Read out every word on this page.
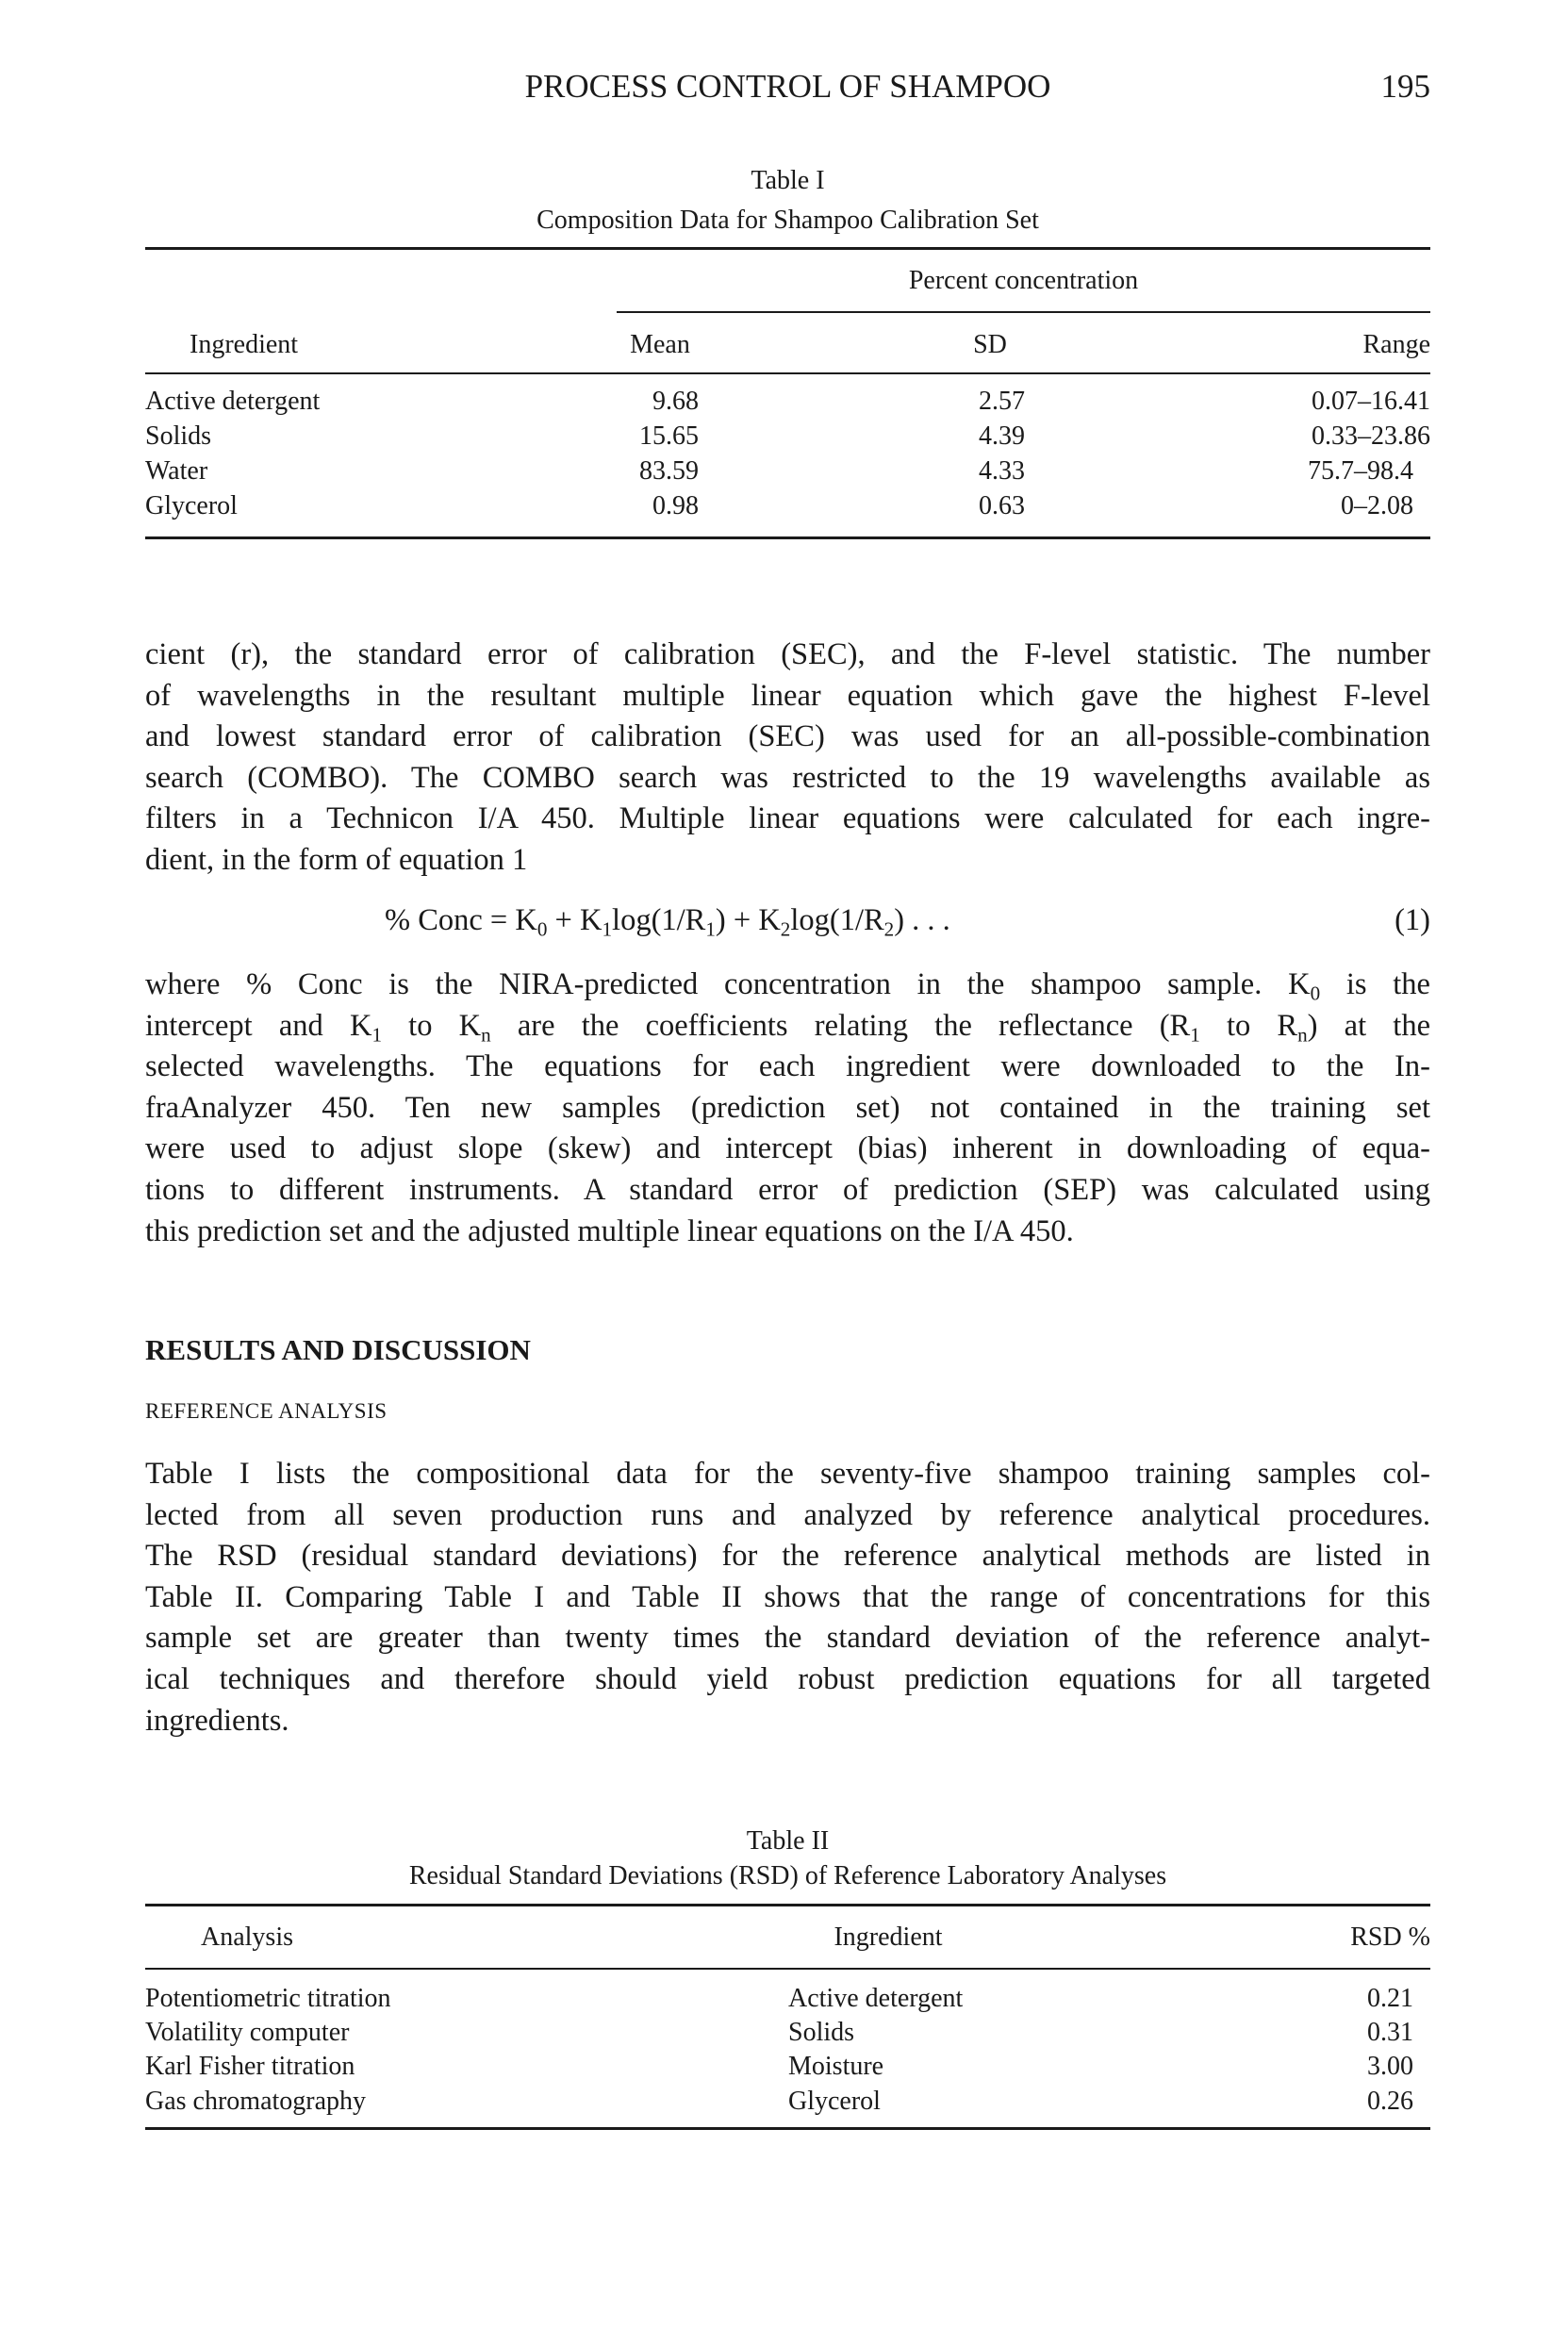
PROCESS CONTROL OF SHAMPOO	195
Table I
Composition Data for Shampoo Calibration Set
Percent concentration
Ingredient	Mean	SD	Range
Active detergent	9.68	2.57	0.07–16.41
Solids	15.65	4.39	0.33–23.86
Water	83.59	4.33	75.7–98.4
Glycerol	0.98	0.63	0–2.08
cient (r), the standard error of calibration (SEC), and the F-level statistic. The number
of wavelengths in the resultant multiple linear equation which gave the highest F-level
and lowest standard error of calibration (SEC) was used for an all-possible-combination
search (COMBO). The COMBO search was restricted to the 19 wavelengths available as
filters in a Technicon I/A 450. Multiple linear equations were calculated for each ingre-
dient, in the form of equation 1
% Conc = $K_0 + K_1\log(1/R_1) + K_2\log(1/R_2)$ . . .	(1)
where % Conc is the NIRA-predicted concentration in the shampoo sample. $K_0$ is the
intercept and $K_1$ to $K_n$ are the coefficients relating the reflectance ($R_1$ to $R_n$) at the
selected wavelengths. The equations for each ingredient were downloaded to the In-
fraAnalyzer 450. Ten new samples (prediction set) not contained in the training set
were used to adjust slope (skew) and intercept (bias) inherent in downloading of equa-
tions to different instruments. A standard error of prediction (SEP) was calculated using
this prediction set and the adjusted multiple linear equations on the I/A 450.
RESULTS AND DISCUSSION
REFERENCE ANALYSIS
Table I lists the compositional data for the seventy-five shampoo training samples col-
lected from all seven production runs and analyzed by reference analytical procedures.
The RSD (residual standard deviations) for the reference analytical methods are listed in
Table II. Comparing Table I and Table II shows that the range of concentrations for this
sample set are greater than twenty times the standard deviation of the reference analyt-
ical techniques and therefore should yield robust prediction equations for all targeted
ingredients.
Table II
Residual Standard Deviations (RSD) of Reference Laboratory Analyses
Analysis	Ingredient	RSD %
Potentiometric titration	Active detergent	0.21
Volatility computer	Solids	0.31
Karl Fisher titration	Moisture	3.00
Gas chromatography	Glycerol	0.26
